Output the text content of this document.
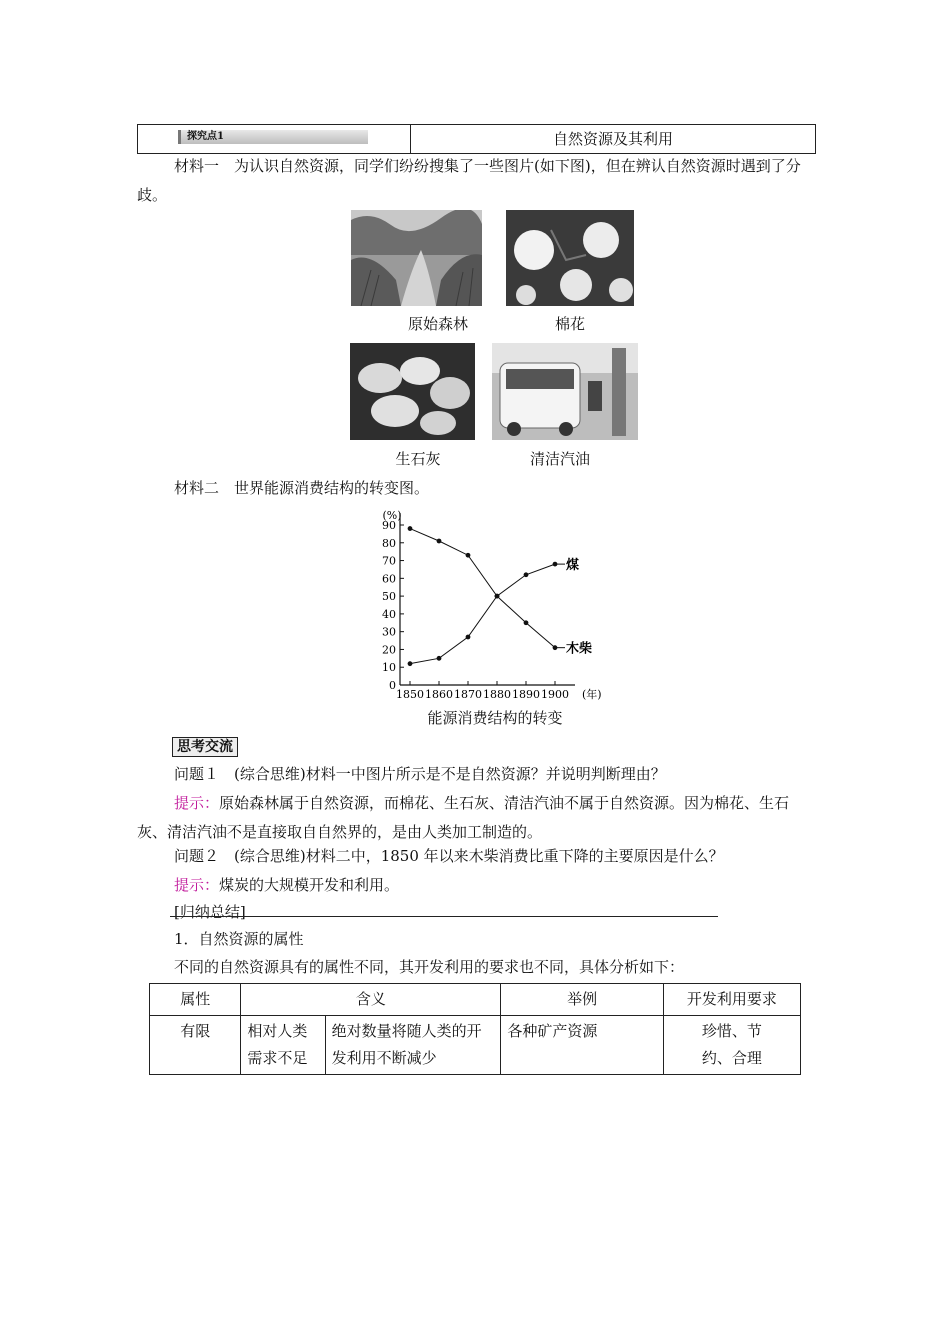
探究点1	自然资源及其利用
材料一　为认识自然资源，同学们纷纷搜集了一些图片(如下图)，但在辨认自然资源时遇到了分歧。
原始森林	棉花
生石灰	清洁汽油
材料二　世界能源消费结构的转变图。
(%)
(年)
0
10
20
30
40
50
60
70
80
90
1850 1860 1870 1880 1890 1900
煤
木柴
能源消费结构的转变
思考交流
问题１　(综合思维)材料一中图片所示是不是自然资源？并说明判断理由？
提示：原始森林属于自然资源，而棉花、生石灰、清洁汽油不属于自然资源。因为棉花、生石灰、清洁汽油不是直接取自自然界的，是由人类加工制造的。
问题２　(综合思维)材料二中，1850 年以来木柴消费比重下降的主要原因是什么？
提示：煤炭的大规模开发和利用。
[归纳总结]
1．自然资源的属性
不同的自然资源具有的属性不同，其开发利用的要求也不同，具体分析如下：
属性	含义		举例	开发利用要求
有限	相对人类需求不足	绝对数量将随人类的开发利用不断减少	各种矿产资源	珍惜、节约、合理
